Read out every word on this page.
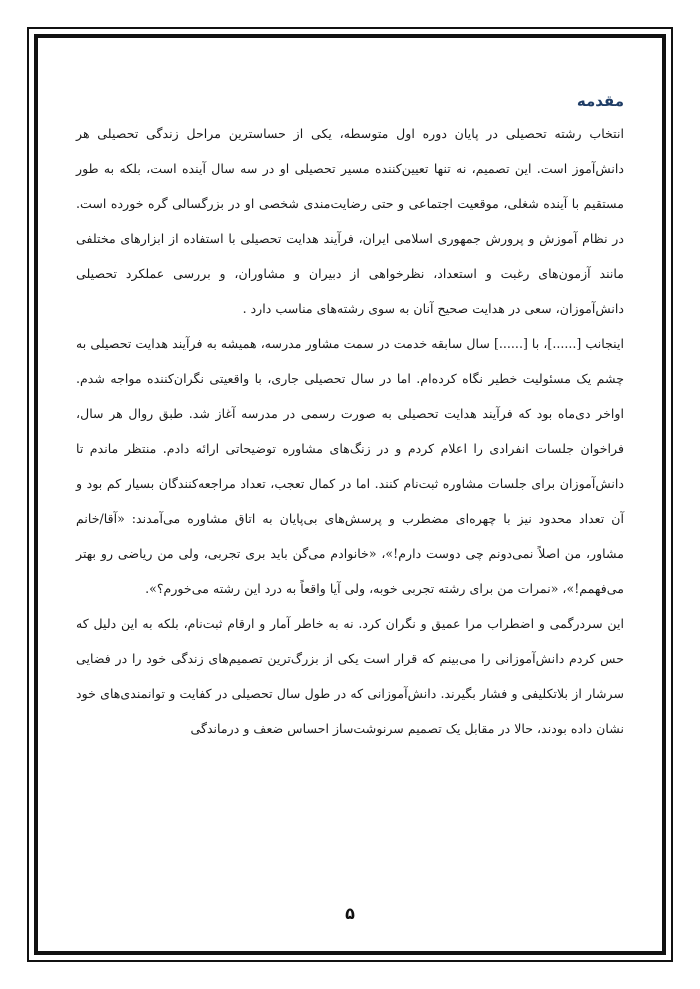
مقدمه

انتخاب رشته تحصیلی در پایان دوره اول متوسطه، یکی از حساسترین مراحل زندگی تحصیلی هر دانش‌آموز است. این تصمیم، نه تنها تعیین‌کننده مسیر تحصیلی او در سه سال آینده است، بلکه به طور مستقیم با آینده شغلی، موقعیت اجتماعی و حتی رضایت‌مندی شخصی او در بزرگسالی گره خورده است. در نظام آموزش و پرورش جمهوری اسلامی ایران، فرآیند هدایت تحصیلی با استفاده از ابزارهای مختلفی مانند آزمون‌های رغبت و استعداد، نظرخواهی از دبیران و مشاوران، و بررسی عملکرد تحصیلی دانش‌آموزان، سعی در هدایت صحیح آنان به سوی رشته‌های مناسب دارد .

اینجانب [......]، با [......] سال سابقه خدمت در سمت مشاور مدرسه، همیشه به فرآیند هدایت تحصیلی به چشم یک مسئولیت خطیر نگاه کرده‌ام. اما در سال تحصیلی جاری، با واقعیتی نگران‌کننده مواجه شدم. اواخر دی‌ماه بود که فرآیند هدایت تحصیلی به صورت رسمی در مدرسه آغاز شد. طبق روال هر سال، فراخوان جلسات انفرادی را اعلام کردم و در زنگ‌های مشاوره توضیحاتی ارائه دادم. منتظر ماندم تا دانش‌آموزان برای جلسات مشاوره ثبت‌نام کنند. اما در کمال تعجب، تعداد مراجعه‌کنندگان بسیار کم بود و آن تعداد محدود نیز با چهره‌ای مضطرب و پرسش‌های بی‌پایان به اتاق مشاوره می‌آمدند: «آقا/خانم مشاور، من اصلاً نمی‌دونم چی دوست دارم!»، «خانوادم می‌گن باید بری تجربی، ولی من ریاضی رو بهتر می‌فهمم!»، «نمرات من برای رشته تجربی خوبه، ولی آیا واقعاً به درد این رشته می‌خورم؟».

این سردرگمی و اضطراب مرا عمیق و نگران کرد. نه به خاطر آمار و ارقام ثبت‌نام، بلکه به این دلیل که حس کردم دانش‌آموزانی را می‌بینم که قرار است یکی از بزرگ‌ترین تصمیم‌های زندگی خود را در فضایی سرشار از بلاتکلیفی و فشار بگیرند. دانش‌آموزانی که در طول سال تحصیلی در کفایت و توانمندی‌های خود نشان داده بودند، حالا در مقابل یک تصمیم سرنوشت‌ساز احساس ضعف و درماندگی

۵
